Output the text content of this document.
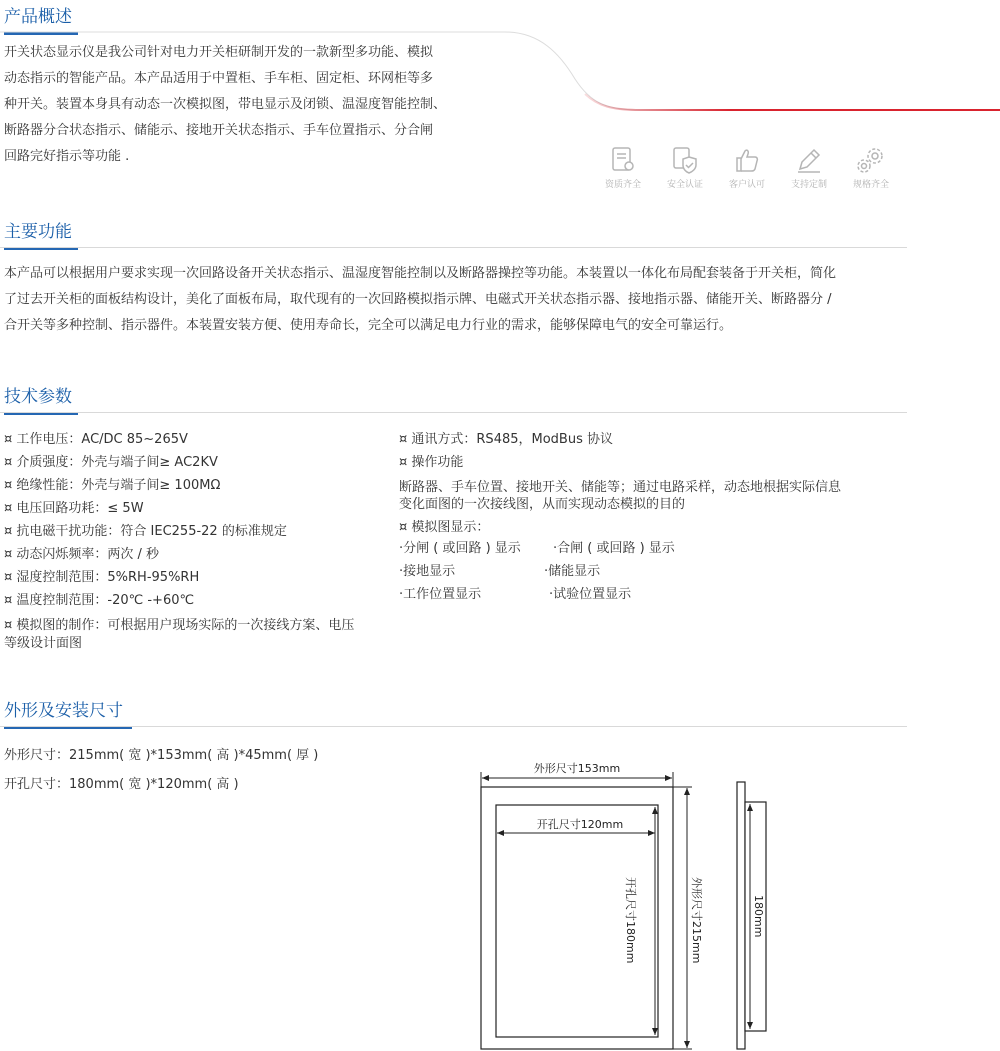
产品概述
开关状态显示仪是我公司针对电力开关柜研制开发的一款新型多功能、模拟
动态指示的智能产品。本产品适用于中置柜、手车柜、固定柜、环网柜等多
种开关。装置本身具有动态一次模拟图，带电显示及闭锁、温湿度智能控制、
断路器分合状态指示、储能示、接地开关状态指示、手车位置指示、分合闸
回路完好指示等功能 .
资质齐全	安全认证	客户认可	支持定制	规格齐全
主要功能
本产品可以根据用户要求实现一次回路设备开关状态指示、温湿度智能控制以及断路器操控等功能。本装置以一体化布局配套装备于开关柜，简化
了过去开关柜的面板结构设计，美化了面板布局，取代现有的一次回路模拟指示牌、电磁式开关状态指示器、接地指示器、储能开关、断路器分 /
合开关等多种控制、指示器件。本装置安装方便、使用寿命长，完全可以满足电力行业的需求，能够保障电气的安全可靠运行。
技术参数
¤ 工作电压：AC/DC 85~265V
¤ 介质强度：外壳与端子间≥ AC2KV
¤ 绝缘性能：外壳与端子间≥ 100MΩ
¤ 电压回路功耗：≤ 5W
¤ 抗电磁干扰功能：符合 IEC255-22 的标准规定
¤ 动态闪烁频率：两次 / 秒
¤ 湿度控制范围：5%RH-95%RH
¤ 温度控制范围：-20℃ -+60℃
¤ 模拟图的制作：可根据用户现场实际的一次接线方案、电压
等级设计面图
¤ 通讯方式：RS485，ModBus 协议
¤ 操作功能
断路器、手车位置、接地开关、储能等；通过电路采样，动态地根据实际信息
变化面图的一次接线图，从而实现动态模拟的目的
¤ 模拟图显示：
·分闸 ( 或回路 ) 显示 ·合闸 ( 或回路 ) 显示
·接地显示	·储能显示
·工作位置显示	·试验位置显示
外形及安装尺寸
外形尺寸：215mm( 宽 )*153mm( 高 )*45mm( 厚 )
开孔尺寸：180mm( 宽 )*120mm( 高 )
外形尺寸153mm
开孔尺寸120mm
开孔尺寸180mm	外形尺寸215mm	180mm
